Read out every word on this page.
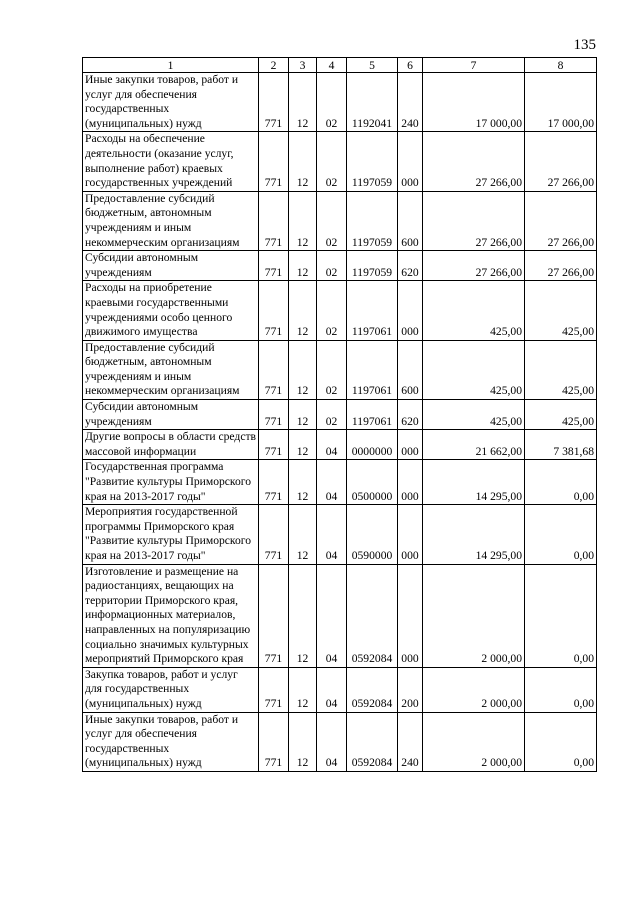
135
1	2	3	4	5	6	7	8
Иные закупки товаров, работ и услуг для обеспечения государственных (муниципальных) нужд	771	12	02	1192041	240	17 000,00	17 000,00
Расходы на обеспечение деятельности (оказание услуг, выполнение работ) краевых государственных учреждений	771	12	02	1197059	000	27 266,00	27 266,00
Предоставление субсидий бюджетным, автономным учреждениям и иным некоммерческим организациям	771	12	02	1197059	600	27 266,00	27 266,00
Субсидии автономным учреждениям	771	12	02	1197059	620	27 266,00	27 266,00
Расходы на приобретение краевыми государственными учреждениями особо ценного движимого имущества	771	12	02	1197061	000	425,00	425,00
Предоставление субсидий бюджетным, автономным учреждениям и иным некоммерческим организациям	771	12	02	1197061	600	425,00	425,00
Субсидии автономным учреждениям	771	12	02	1197061	620	425,00	425,00
Другие вопросы в области средств массовой информации	771	12	04	0000000	000	21 662,00	7 381,68
Государственная программа "Развитие культуры Приморского края на 2013-2017 годы"	771	12	04	0500000	000	14 295,00	0,00
Мероприятия государственной программы Приморского края "Развитие культуры Приморского края на 2013-2017 годы"	771	12	04	0590000	000	14 295,00	0,00
Изготовление и размещение на радиостанциях, вещающих на территории Приморского края, информационных материалов, направленных на популяризацию социально значимых культурных мероприятий Приморского края	771	12	04	0592084	000	2 000,00	0,00
Закупка товаров, работ и услуг для государственных (муниципальных) нужд	771	12	04	0592084	200	2 000,00	0,00
Иные закупки товаров, работ и услуг для обеспечения государственных (муниципальных) нужд	771	12	04	0592084	240	2 000,00	0,00
